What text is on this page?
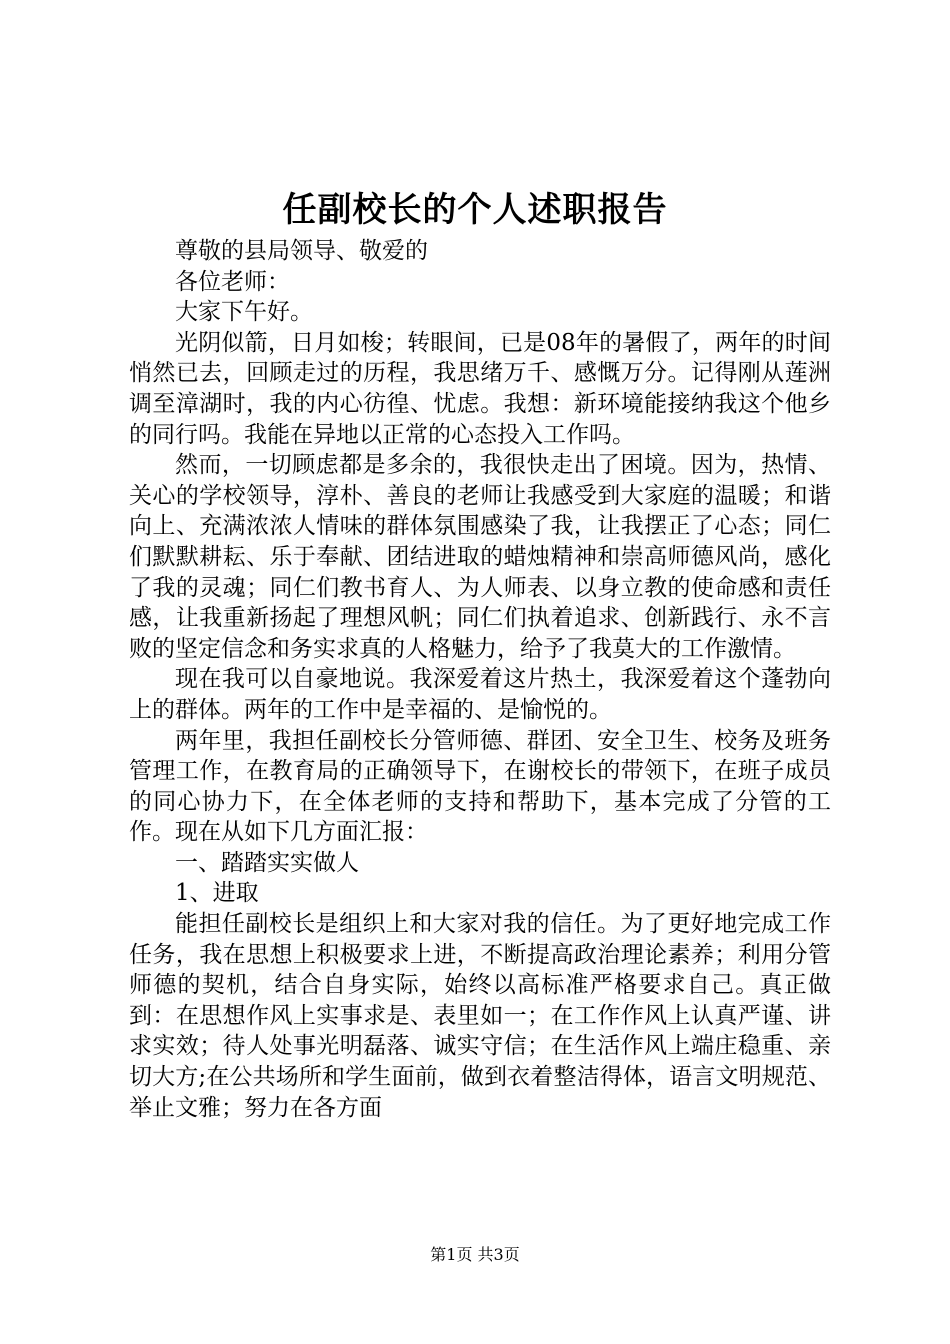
任副校长的个人述职报告

尊敬的县局领导、敬爱的

各位老师：

大家下午好。

光阴似箭，日月如梭；转眼间，已是08年的暑假了，两年的时间悄然已去，回顾走过的历程，我思绪万千、感慨万分。记得刚从莲洲调至漳湖时，我的内心彷徨、忧虑。我想：新环境能接纳我这个他乡的同行吗。我能在异地以正常的心态投入工作吗。

然而，一切顾虑都是多余的，我很快走出了困境。因为，热情、关心的学校领导，淳朴、善良的老师让我感受到大家庭的温暖；和谐向上、充满浓浓人情味的群体氛围感染了我，让我摆正了心态；同仁们默默耕耘、乐于奉献、团结进取的蜡烛精神和崇高师德风尚，感化了我的灵魂；同仁们教书育人、为人师表、以身立教的使命感和责任感，让我重新扬起了理想风帆；同仁们执着追求、创新践行、永不言败的坚定信念和务实求真的人格魅力，给予了我莫大的工作激情。

现在我可以自豪地说。我深爱着这片热土，我深爱着这个蓬勃向上的群体。两年的工作中是幸福的、是愉悦的。

两年里，我担任副校长分管师德、群团、安全卫生、校务及班务管理工作，在教育局的正确领导下，在谢校长的带领下，在班子成员的同心协力下，在全体老师的支持和帮助下，基本完成了分管的工作。现在从如下几方面汇报：

一、踏踏实实做人

1、进取

能担任副校长是组织上和大家对我的信任。为了更好地完成工作任务，我在思想上积极要求上进，不断提高政治理论素养；利用分管师德的契机，结合自身实际，始终以高标准严格要求自己。真正做到：在思想作风上实事求是、表里如一；在工作作风上认真严谨、讲求实效；待人处事光明磊落、诚实守信；在生活作风上端庄稳重、亲切大方;在公共场所和学生面前，做到衣着整洁得体，语言文明规范、举止文雅；努力在各方面

第1页 共3页
